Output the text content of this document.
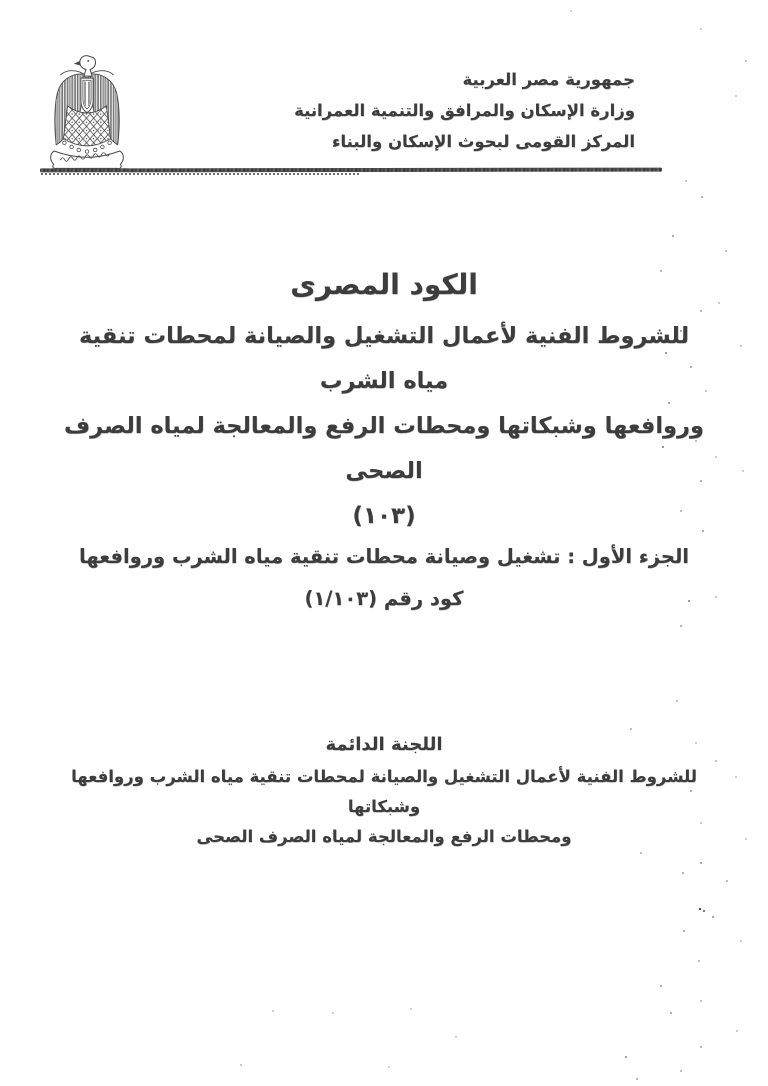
جمهورية مصر العربية
وزارة الإسكان والمرافق والتنمية العمرانية
المركز القومى لبحوث الإسكان والبناء
الكود المصرى
للشروط الفنية لأعمال التشغيل والصيانة لمحطات تنقية مياه الشرب
وروافعها وشبكاتها ومحطات الرفع والمعالجة لمياه الصرف الصحى
(١٠٣)
الجزء الأول : تشغيل وصيانة محطات تنقية مياه الشرب وروافعها
كود رقم (١/١٠٣)
اللجنة الدائمة
للشروط الفنية لأعمال التشغيل والصيانة لمحطات تنقية مياه الشرب وروافعها وشبكاتها
ومحطات الرفع والمعالجة لمياه الصرف الصحى
